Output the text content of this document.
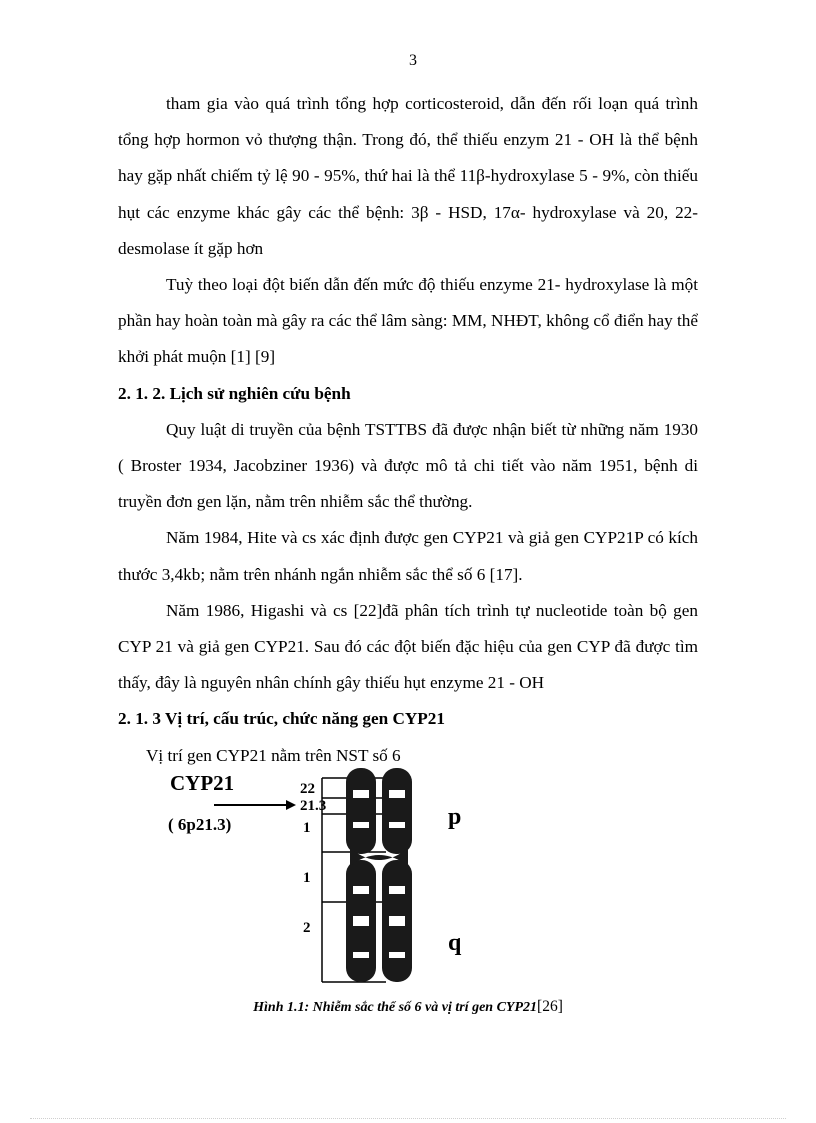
3

tham gia vào quá trình tổng hợp corticosteroid, dẫn đến rối loạn quá trình tổng hợp hormon vỏ thượng thận. Trong đó, thể thiếu enzym 21 - OH là thể bệnh hay gặp nhất chiếm tỷ lệ 90 - 95%, thứ hai là thể 11β-hydroxylase 5 - 9%, còn thiếu hụt các enzyme khác gây các thể bệnh: 3β - HSD, 17α- hydroxylase và 20, 22- desmolase ít gặp hơn

Tuỳ theo loại đột biến dẫn đến mức độ thiếu enzyme 21- hydroxylase là một phần hay hoàn toàn mà gây ra các thể lâm sàng: MM, NHĐT, không cổ điển hay thể khởi phát muộn [1] [9]

2. 1. 2. Lịch sử nghiên cứu bệnh

Quy luật di truyền của bệnh TSTTBS đã được nhận biết từ những năm 1930 ( Broster 1934, Jacobziner 1936) và được mô tả chi tiết vào năm 1951, bệnh di truyền đơn gen lặn, nằm trên nhiễm sắc thể thường.

Năm 1984, Hite và cs xác định được gen CYP21 và giả gen CYP21P có kích thước 3,4kb; nằm trên nhánh ngắn nhiễm sắc thể số 6 [17].

Năm 1986, Higashi và cs [22]đã phân tích trình tự nucleotide toàn bộ gen CYP 21 và giả gen CYP21. Sau đó các đột biến đặc hiệu của gen CYP đã được tìm thấy, đây là nguyên nhân chính gây thiếu hụt enzyme 21 - OH

2. 1. 3 Vị trí, cấu trúc, chức năng gen CYP21

Vị trí gen CYP21 nằm trên NST số 6

CYP21
( 6p21.3)
22
21.3
1
1
2
p
q
Hình 1.1: Nhiễm sắc thể số 6 và vị trí gen CYP21[26]
